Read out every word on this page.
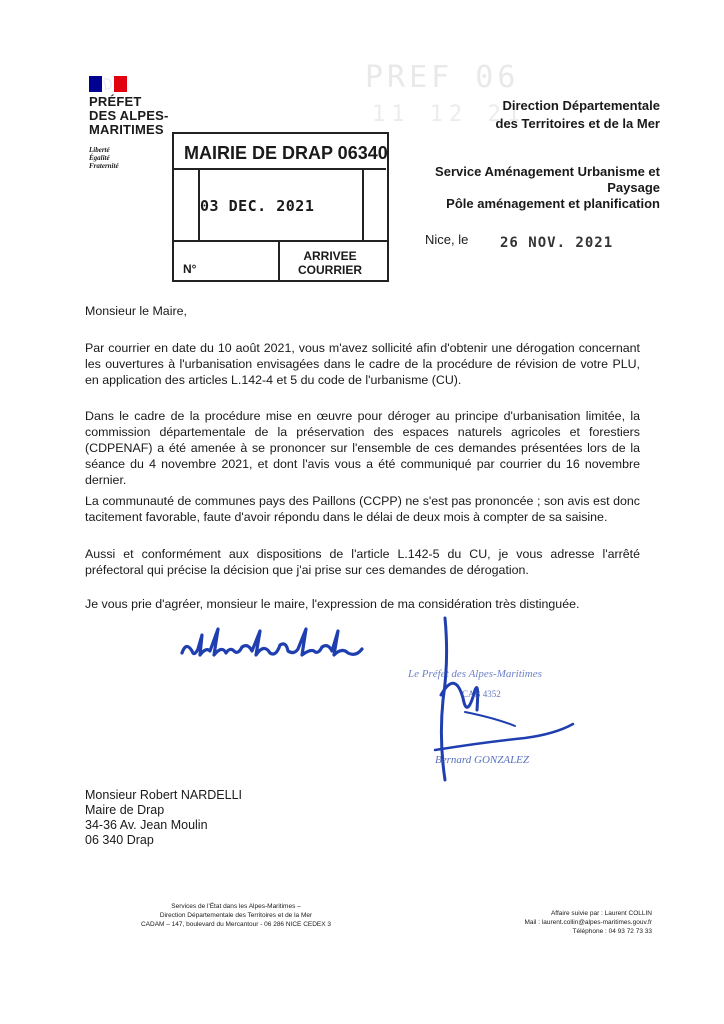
PREF 06
11 12 21
PRÉFET
DES ALPES-
MARITIMES
Liberté
Égalité
Fraternité
Direction Départementale
des Territoires et de la Mer
Service Aménagement Urbanisme et Paysage
Pôle aménagement et planification
MAIRIE DE DRAP 06340
03 DEC. 2021
N°
ARRIVEE
COURRIER
Nice, le 26 NOV. 2021
Monsieur le Maire,
Par courrier en date du 10 août 2021, vous m'avez sollicité afin d'obtenir une dérogation concernant les ouvertures à l'urbanisation envisagées dans le cadre de la procédure de révision de votre PLU, en application des articles L.142-4 et 5 du code de l'urbanisme (CU).
Dans le cadre de la procédure mise en œuvre pour déroger au principe d'urbanisation limitée, la commission départementale de la préservation des espaces naturels agricoles et forestiers (CDPENAF) a été amenée à se prononcer sur l'ensemble de ces demandes présentées lors de la séance du 4 novembre 2021, et dont l'avis vous a été communiqué par courrier du 16 novembre dernier.
La communauté de communes pays des Paillons (CCPP) ne s'est pas prononcée ; son avis est donc tacitement favorable, faute d'avoir répondu dans le délai de deux mois à compter de sa saisine.
Aussi et conformément aux dispositions de l'article L.142-5 du CU, je vous adresse l'arrêté préfectoral qui précise la décision que j'ai prise sur ces demandes de dérogation.
Je vous prie d'agréer, monsieur le maire, l'expression de ma considération très distinguée.
Le Préfet des Alpes-Maritimes
CAB 4352
Bernard GONZALEZ
Monsieur Robert NARDELLI
Maire de Drap
34-36 Av. Jean Moulin
06 340 Drap
Services de l'État dans les Alpes-Maritimes –
Direction Départementale des Territoires et de la Mer
CADAM – 147, boulevard du Mercantour - 06 286 NICE CEDEX 3
Affaire suivie par : Laurent COLLIN
Mail : laurent.collin@alpes-maritimes.gouv.fr
Téléphone : 04 93 72 73 33
